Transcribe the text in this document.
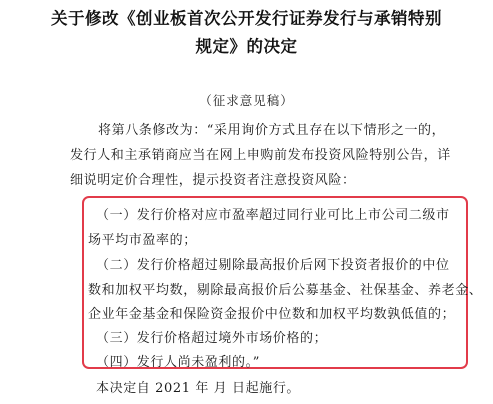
关于修改《创业板首次公开发行证券发行与承销特别
规定》的决定
（征求意见稿）
将第八条修改为：“采用询价方式且存在以下情形之一的，
发行人和主承销商应当在网上申购前发布投资风险特别公告，详
细说明定价合理性，提示投资者注意投资风险：
（一）发行价格对应市盈率超过同行业可比上市公司二级市
场平均市盈率的；
（二）发行价格超过剔除最高报价后网下投资者报价的中位
数和加权平均数，剔除最高报价后公募基金、社保基金、养老金、
企业年金基金和保险资金报价中位数和加权平均数孰低值的；
（三）发行价格超过境外市场价格的；
（四）发行人尚未盈利的。”
本决定自 2021 年 月 日起施行。
